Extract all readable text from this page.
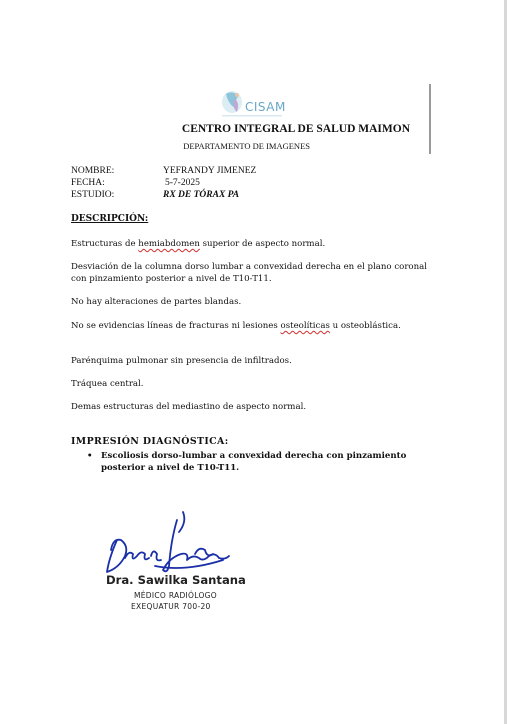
CISAM
CENTRO INTEGRAL DE SALUD MAIMON
DEPARTAMENTO DE IMAGENES
NOMBRE:	YEFRANDY JIMENEZ
FECHA:	5-7-2025
ESTUDIO:	RX DE TÓRAX PA
DESCRIPCIÓN:
Estructuras de hemiabdomen superior de aspecto normal.
Desviación de la columna dorso lumbar a convexidad derecha en el plano coronal con pinzamiento posterior a nivel de T10-T11.
No hay alteraciones de partes blandas.
No se evidencias líneas de fracturas ni lesiones osteolíticas u osteoblástica.
Parénquima pulmonar sin presencia de infiltrados.
Tráquea central.
Demas estructuras del mediastino de aspecto normal.
IMPRESIÓN DIAGNÓSTICA:
• Escoliosis dorso-lumbar a convexidad derecha con pinzamiento posterior a nivel de T10-T11.
Dra. Sawilka Santana
MÉDICO RADIÓLOGO
EXEQUATUR 700-20
